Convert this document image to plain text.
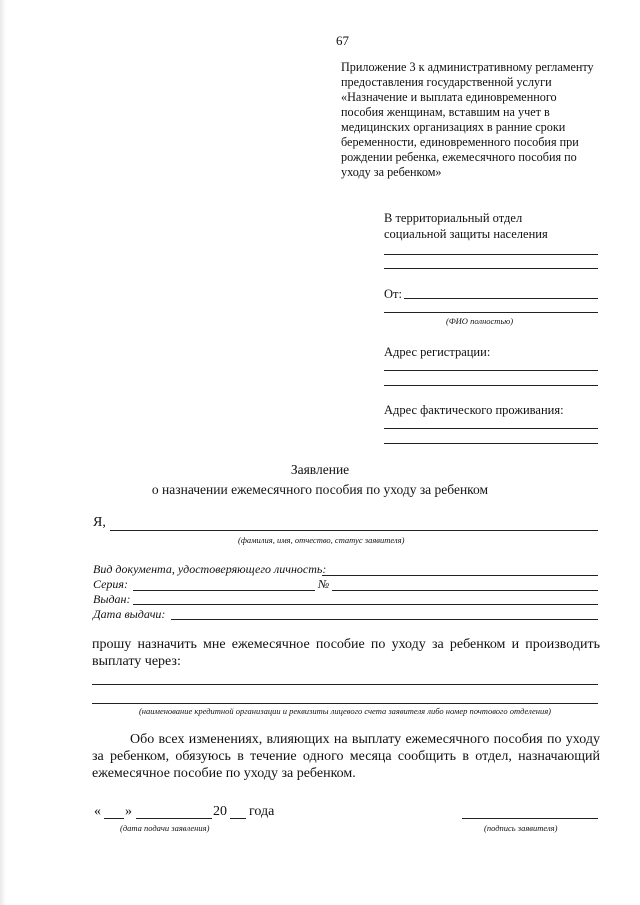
67
Приложение 3 к административному регламенту предоставления государственной услуги «Назначение и выплата единовременного пособия женщинам, вставшим на учет в медицинских организациях в ранние сроки беременности, единовременного пособия при рождении ребенка, ежемесячного пособия по уходу за ребенком»
В территориальный отдел
социальной защиты населения
От:
(ФИО полностью)
Адрес регистрации:
Адрес фактического проживания:
Заявление
о назначении ежемесячного пособия по уходу за ребенком
Я,
(фамилия, имя, отчество, статус заявителя)
Вид документа, удостоверяющего личность:
Серия:	№
Выдан:
Дата выдачи:
прошу назначить мне ежемесячное пособие по уходу за ребенком и производить выплату через:
(наименование кредитной организации и реквизиты лицевого счета заявителя либо номер почтового отделения)
Обо всех изменениях, влияющих на выплату ежемесячного пособия по уходу за ребенком, обязуюсь в течение одного месяца сообщить в отдел, назначающий ежемесячное пособие по уходу за ребенком.
« »	20 года
(дата подачи заявления)	(подпись заявителя)
